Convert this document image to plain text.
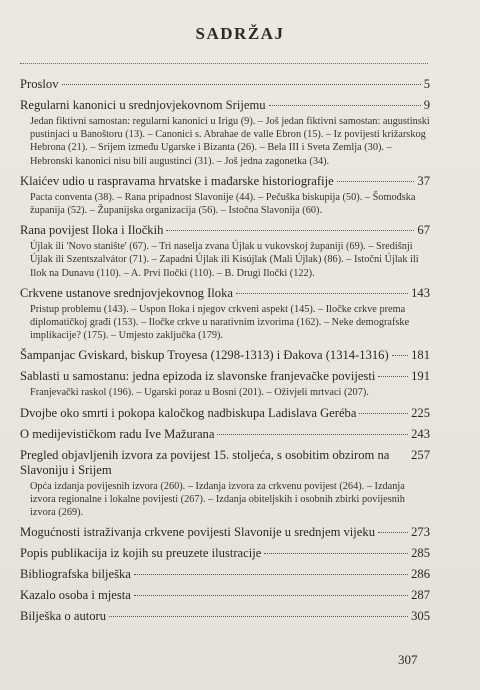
SADRŽAJ
Proslov	5
Regularni kanonici u srednjovjekovnom Srijemu	9
Jedan fiktivni samostan: regularni kanonici u Irigu (9). – Još jedan fiktivni samostan: augustinski pustinjaci u Banoštoru (13). – Canonici s. Abrahae de valle Ebron (15). – Iz povijesti križarskog Hebrona (21). – Srijem između Ugarske i Bizanta (26). – Bela III i Sveta Zemlja (30). – Hebronski kanonici nisu bili augustinci (31). – Još jedna zagonetka (34).
Klaićev udio u raspravama hrvatske i mađarske historiografije	37
Pacta conventa (38). – Rana pripadnost Slavonije (44). – Pečuška biskupija (50). – Šomođska županija (52). – Županijska organizacija (56). – Istočna Slavonija (60).
Rana povijest Iloka i Iločkih	67
Újlak ili 'Novo stanište' (67). – Tri naselja zvana Újlak u vukovskoj županiji (69). – Središnji Újlak ili Szentszalvátor (71). – Zapadni Újlak ili Kisújlak (Mali Újlak) (86). – Istočni Újlak ili Ilok na Dunavu (110). – A. Prvi Iločki (110). – B. Drugi Iločki (122).
Crkvene ustanove srednjovjekovnog Iloka	143
Pristup problemu (143). – Uspon Iloka i njegov crkveni aspekt (145). – Iločke crkve prema diplomatičkoj građi (153). – Iločke crkve u narativnim izvorima (162). – Neke demografske implikacije? (175). – Umjesto zaključka (179).
Šampanjac Gviskard, biskup Troyesa (1298-1313) i Đakova (1314-1316) 181
Sablasti u samostanu: jedna epizoda iz slavonske franjevačke povijesti	191
Franjevački raskol (196). – Ugarski poraz u Bosni (201). – Oživjeli mrtvaci (207).
Dvojbe oko smrti i pokopa kaločkog nadbiskupa Ladislava Geréba	225
O medijevističkom radu Ive Mažurana	243
Pregled objavljenih izvora za povijest 15. stoljeća, s osobitim obzirom na Slavoniju i Srijem
257
Opća izdanja povijesnih izvora (260). – Izdanja izvora za crkvenu povijest (264). – Izdanja izvora regionalne i lokalne povijesti (267). – Izdanja obiteljskih i osobnih zbirki povijesnih izvora (269).
Mogućnosti istraživanja crkvene povijesti Slavonije u srednjem vijeku	273
Popis publikacija iz kojih su preuzete ilustracije	285
Bibliografska bilješka	286
Kazalo osoba i mjesta	287
Bilješka o autoru	305
307
